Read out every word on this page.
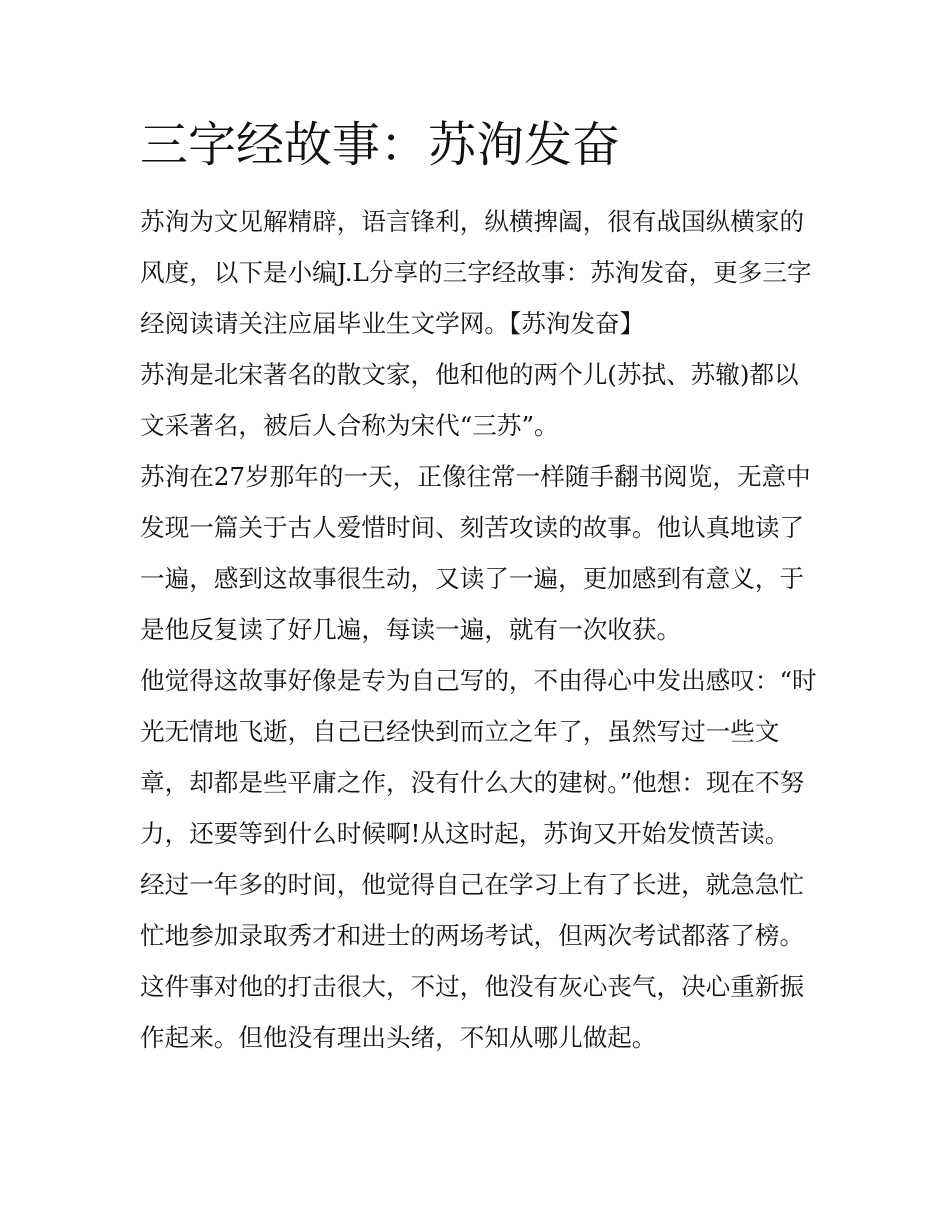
三字经故事：苏洵发奋

苏洵为文见解精辟，语言锋利，纵横捭阖，很有战国纵横家的风度，以下是小编J.L分享的三字经故事：苏洵发奋，更多三字经阅读请关注应届毕业生文学网。【苏洵发奋】

苏洵是北宋著名的散文家，他和他的两个儿(苏拭、苏辙)都以文采著名，被后人合称为宋代“三苏”。

苏洵在27岁那年的一天，正像往常一样随手翻书阅览，无意中发现一篇关于古人爱惜时间、刻苦攻读的故事。他认真地读了一遍，感到这故事很生动，又读了一遍，更加感到有意义，于是他反复读了好几遍，每读一遍，就有一次收获。

他觉得这故事好像是专为自己写的，不由得心中发出感叹：“时光无情地飞逝，自己已经快到而立之年了，虽然写过一些文章，却都是些平庸之作，没有什么大的建树。”他想：现在不努力，还要等到什么时候啊!从这时起，苏询又开始发愤苦读。

经过一年多的时间，他觉得自己在学习上有了长进，就急急忙忙地参加录取秀才和进士的两场考试，但两次考试都落了榜。这件事对他的打击很大，不过，他没有灰心丧气，决心重新振作起来。但他没有理出头绪，不知从哪儿做起。
